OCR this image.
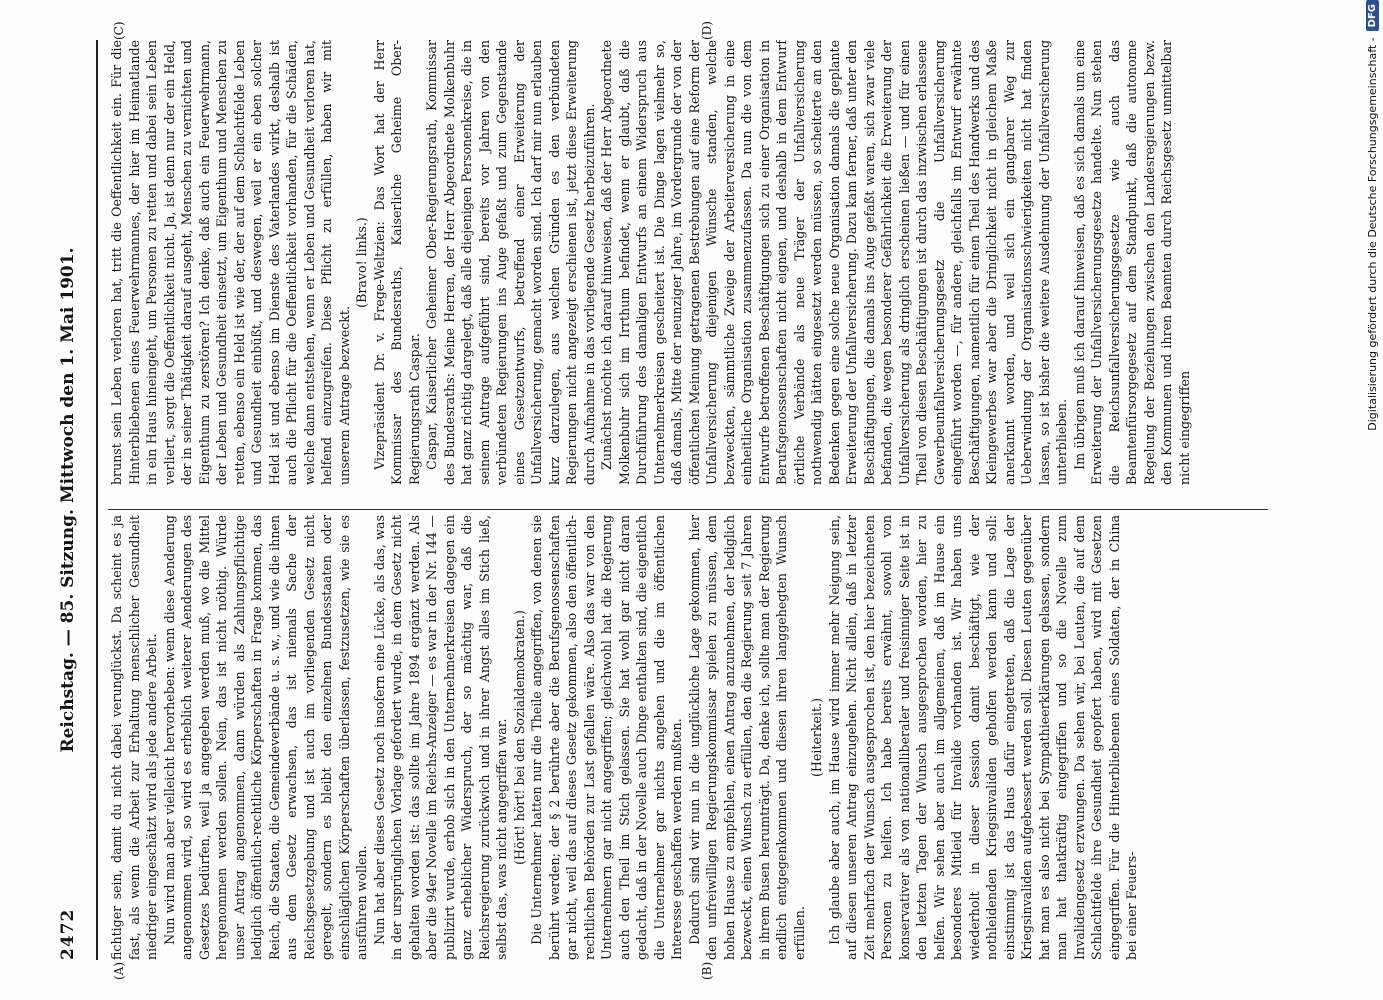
2472
Reichstag. — 85. Sitzung. Mittwoch den 1. Mai 1901.
(A)	(B)
(C)	(D)

fichtiger sein, damit du nicht dabei verunglückst. Da scheint es ja fast, als wenn die Arbeit zur Erhaltung menschlicher Gesundheit niedriger eingeschätzt wird als jede andere Arbeit. Nun wird man aber vielleicht hervorheben: wenn diese Aenderung angenommen wird, so wird es erheblich weiterer Aenderungen des Gesetzes bedürfen, weil ja angegeben werden muß, wo die Mittel hergenommen werden sollen. Nein, das ist nicht nöthig. Würde unser Antrag angenommen, dann würden als Zahlungspflichtige lediglich öffentlich-rechtliche Körperschaften in Frage kommen, das Reich, die Staaten, die Gemeindeverbände u. s. w., und wie die ihnen aus dem Gesetz erwachsen, das ist niemals Sache der Reichsgesetzgebung und ist auch im vorliegenden Gesetz nicht geregelt, sondern es bleibt den einzelnen Bundesstaaten oder einschläglichen Körperschaften überlassen, festzusetzen, wie sie es ausführen wollen. Nun hat aber dieses Gesetz noch insofern eine Lücke, als das, was in der ursprünglichen Vorlage gefordert wurde, in dem Gesetz nicht gehalten worden ist: das sollte im Jahre 1894 ergänzt werden. Als aber die 94er Novelle im Reichs-Anzeiger — es war in der Nr. 144 — publizirt wurde, erhob sich in den Unternehmerkreisen dagegen ein ganz erheblicher Widerspruch, der so mächtig war, daß die Reichsregierung zurückwich und in ihrer Angst alles im Stich ließ, selbst das, was nicht angegriffen war. (Hört! hört! bei den Sozialdemokraten.) Die Unternehmer hatten nur die Theile angegriffen, von denen sie berührt werden; der § 2 berührte aber die Berufsgenossenschaften gar nicht, weil das auf dieses Gesetz gekommen, also den öffentlich-rechtlichen Behörden zur Last gefallen wäre. Also das war von den Unternehmern gar nicht angegriffen; gleichwohl hat die Regierung auch den Theil im Stich gelassen. Sie hat wohl gar nicht daran gedacht, daß in der Novelle auch Dinge enthalten sind, die eigentlich die Unternehmer gar nichts angehen und die im öffentlichen Interesse geschaffen werden mußten. Dadurch sind wir nun in die unglückliche Lage gekommen, hier den unfreiwilligen Regierungskommissar spielen zu müssen, dem hohen Hause zu empfehlen, einen Antrag anzunehmen, der lediglich bezweckt, einen Wunsch zu erfüllen, den die Regierung seit 7 Jahren in ihrem Busen herumträgt. Da, denke ich, sollte man der Regierung endlich entgegenkommen und diesen ihren langgehegten Wunsch erfüllen.

(Heiterkeit.) Ich glaube aber auch, im Hause wird immer mehr Neigung sein, auf diesen unseren Antrag einzugehen. Nicht allein, daß in letzter Zeit mehrfach der Wunsch ausgesprochen ist, den hier bezeichneten Personen zu helfen. Ich habe bereits erwähnt, sowohl von konservativer als von nationalliberaler und freisinniger Seite ist in den letzten Tagen der Wunsch ausgesprochen worden, hier zu helfen. Wir sehen aber auch im allgemeinen, daß im Hause ein besonderes Mitleid für Invalide vorhanden ist. Wir haben uns wiederholt in dieser Session damit beschäftigt, wie der nothleidenden Kriegsinvaliden geholfen werden kann und soll: einstimmig ist das Haus dafür eingetreten, daß die Lage der Kriegsinvaliden aufgebessert werden soll. Diesen Leuten gegenüber hat man es also nicht bei Sympathieerklärungen gelassen, sondern man hat thatkräftig eingegriffen und so die Novelle zum Invalidengesetz erzwungen. Da sehen wir, bei Leuten, die auf dem Schlachtfelde ihre Gesundheit geopfert haben, wird mit Gesetzen eingegriffen. Für die Hinterbliebenen eines Soldaten, der in China bei einer Feuers-

brunst sein Leben verloren hat, tritt die Oeffentlichkeit ein. Für die Hinterbliebenen eines Feuerwehrmannes, der hier im Heimatlande in ein Haus hineingeht, um Personen zu retten und dabei sein Leben verliert, sorgt die Oeffentlichkeit nicht. Ja, ist denn nur der ein Held, der in seiner Thätigkeit darauf ausgeht, Menschen zu vernichten und Eigenthum zu zerstören? Ich denke, daß auch ein Feuerwehrmann, der Leben und Gesundheit einsetzt, um Eigenthum und Menschen zu retten, ebenso ein Held ist wie der, der auf dem Schlachtfelde Leben und Gesundheit einbüßt, und deswegen, weil er ein eben solcher Held ist und ebenso im Dienste des Vaterlandes wirkt, deshalb ist auch die Pflicht für die Oeffentlichkeit vorhanden, für die Schäden, welche dann entstehen, wenn er Leben und Gesundheit verloren hat, helfend einzugreifen. Diese Pflicht zu erfüllen, haben wir mit unserem Antrage bezweckt.

(Bravo! links.) Vizepräsident Dr. v. Frege-Weltzien: Das Wort hat der Herr Kommissar des Bundesraths, Kaiserliche Geheime Ober-Regierungsrath Caspar. Caspar, Kaiserlicher Geheimer Ober-Regierungsrath, Kommissar des Bundesraths: Meine Herren, der Herr Abgeordnete Molkenbuhr hat ganz richtig dargelegt, daß alle diejenigen Personenkreise, die in seinem Antrage aufgeführt sind, bereits vor Jahren von den verbündeten Regierungen ins Auge gefaßt und zum Gegenstande eines Gesetzentwurfs, betreffend einer Erweiterung der Unfallversicherung, gemacht worden sind. Ich darf mir nun erlauben kurz darzulegen, aus welchen Gründen es den verbündeten Regierungen nicht angezeigt erschienen ist, jetzt diese Erweiterung durch Aufnahme in das vorliegende Gesetz herbeizuführen. Zunächst möchte ich darauf hinweisen, daß der Herr Abgeordnete Molkenbuhr sich im Irrthum befindet, wenn er glaubt, daß die Durchführung des damaligen Entwurfs an einem Widerspruch aus Unternehmerkreisen gescheitert ist. Die Dinge lagen vielmehr so, daß damals, Mitte der neunziger Jahre, im Vordergrunde der von der öffentlichen Meinung getragenen Bestrebungen auf eine Reform der Unfallversicherung diejenigen Wünsche standen, welche bezweckten, sämmtliche Zweige der Arbeiterversicherung in eine einheitliche Organisation zusammenzufassen. Da nun die von dem Entwurfe betroffenen Beschäftigungen sich zu einer Organisation in Berufsgenossenschaften nicht eignen, und deshalb in dem Entwurf örtliche Verbände als neue Träger der Unfallversicherung nothwendig hätten eingesetzt werden müssen, so scheiterte an den Bedenken gegen eine solche neue Organisation damals die geplante Erweiterung der Unfallversicherung. Dazu kam ferner, daß unter den Beschäftigungen, die damals ins Auge gefaßt waren, sich zwar viele befanden, die wegen besonderer Gefährlichkeit die Erweiterung der Unfallversicherung als dringlich erscheinen ließen — und für einen Theil von diesen Beschäftigungen ist durch das inzwischen erlassene Gewerbeunfallversicherungsgesetz die Unfallversicherung eingeführt worden —, für andere, gleichfalls im Entwurf erwähnte Beschäftigungen, namentlich für einen Theil des Handwerks und des Kleingewerbes war aber die Dringlichkeit nicht in gleichem Maße anerkannt worden, und weil sich ein gangbarer Weg zur Ueberwindung der Organisationsschwierigkeiten nicht hat finden lassen, so ist bisher die weitere Ausdehnung der Unfallversicherung unterblieben. Im übrigen muß ich darauf hinweisen, daß es sich damals um eine Erweiterung der Unfallversicherungsgesetze handelte. Nun stehen die Reichsunfallversicherungsgesetze wie auch das Beamtenfürsorgegesetz auf dem Standpunkt, daß die autonome Regelung der Beziehungen zwischen den Landesregierungen bezw. den Kommunen und ihren Beamten durch Reichsgesetz unmittelbar nicht eingegriffen	Digitalisierung gefördert durch die Deutsche Forschungsgemeinschaft -
DFG
